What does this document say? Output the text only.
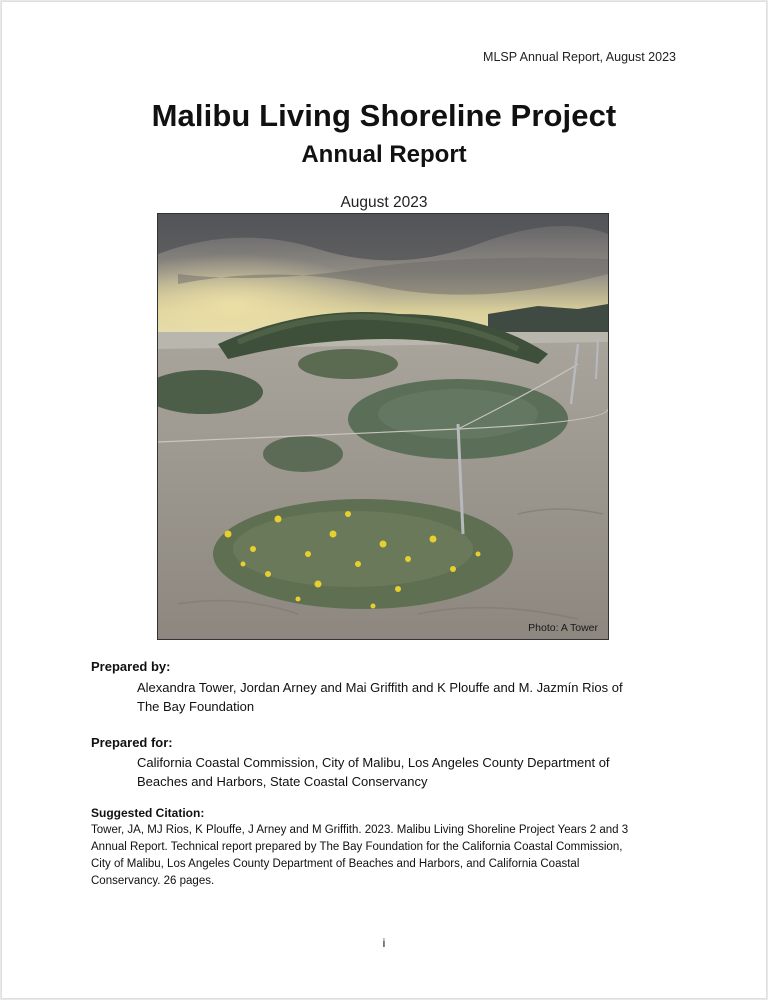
MLSP Annual Report, August 2023
Malibu Living Shoreline Project
Annual Report
August 2023
Photo: A Tower
Prepared by:
Alexandra Tower, Jordan Arney and Mai Griffith and K Plouffe and M. Jazmín Rios of
The Bay Foundation
Prepared for:
California Coastal Commission, City of Malibu, Los Angeles County Department of
Beaches and Harbors, State Coastal Conservancy
Suggested Citation:
Tower, JA, MJ Rios, K Plouffe, J Arney and M Griffith. 2023. Malibu Living Shoreline Project Years 2 and 3
Annual Report. Technical report prepared by The Bay Foundation for the California Coastal Commission,
City of Malibu, Los Angeles County Department of Beaches and Harbors, and California Coastal
Conservancy. 26 pages.
i
